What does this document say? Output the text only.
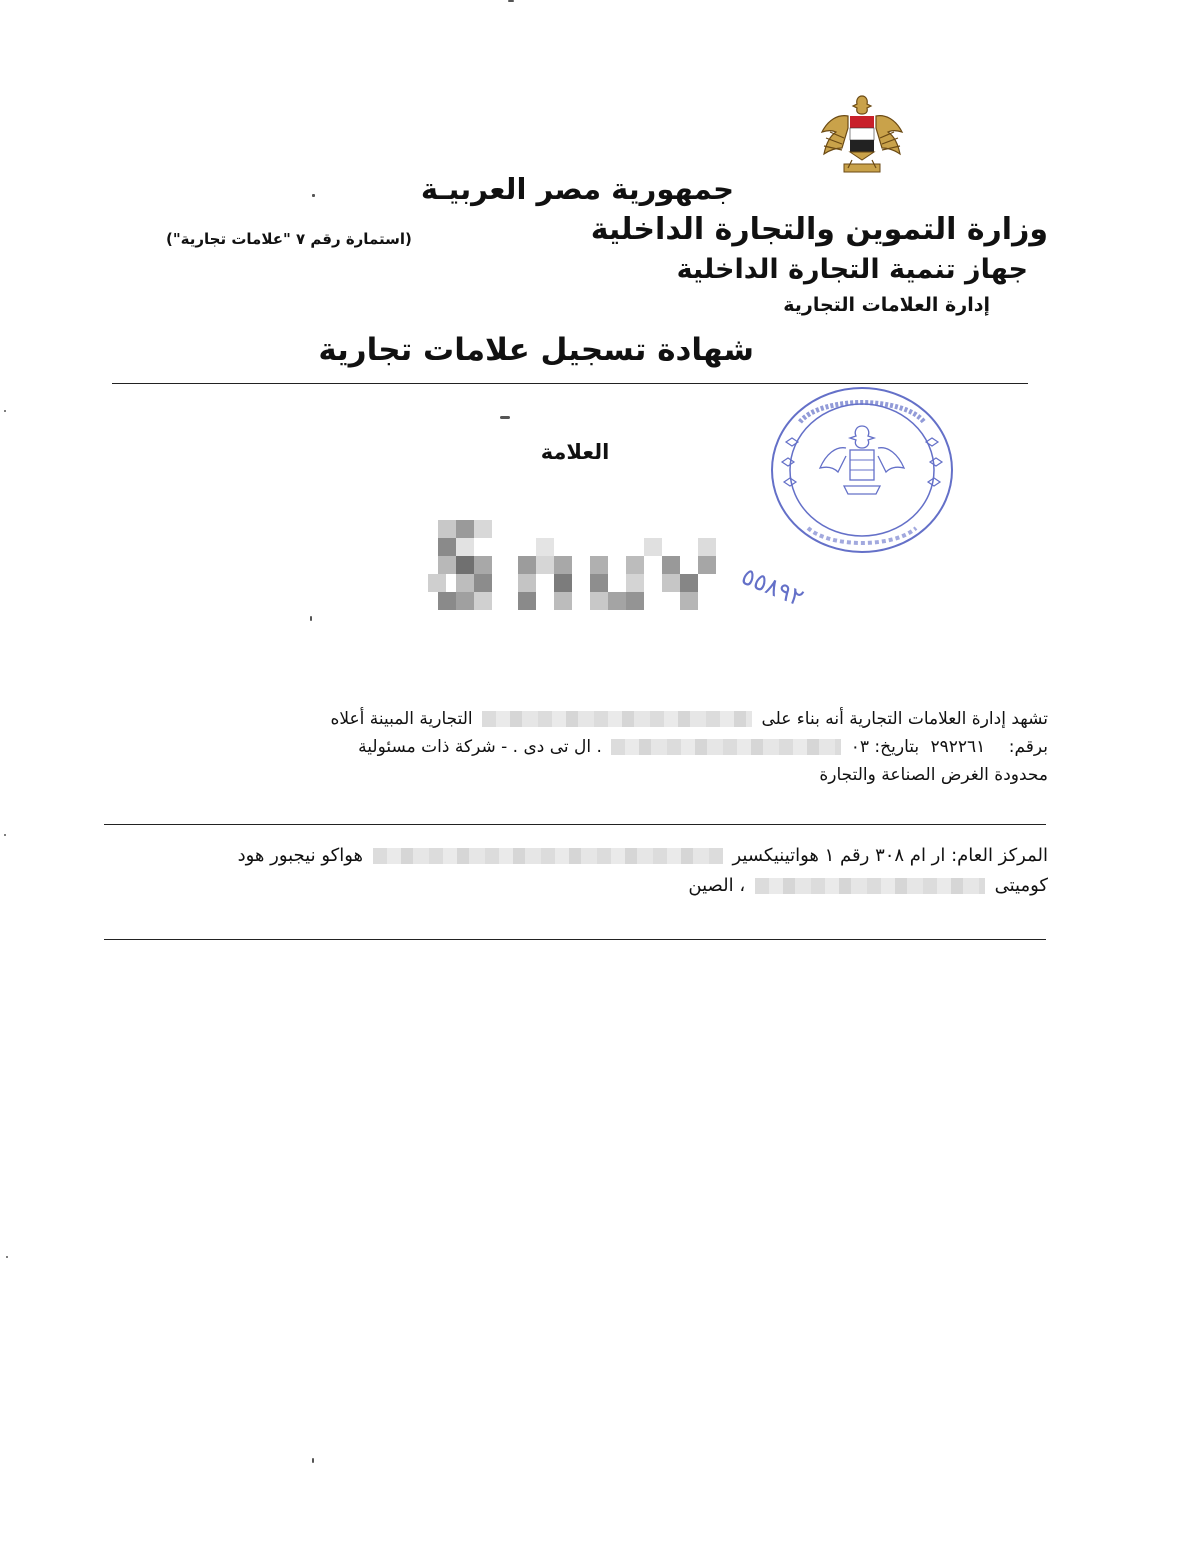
جمهورية مصر العربيـة
وزارة التموين والتجارة الداخلية
(استمارة رقم ٧ "علامات تجارية")
جهاز تنمية التجارة الداخلية
إدارة العلامات التجارية
شهادة تسجيل علامات تجارية
العلامة
٥٥٨٩٢
تشهد إدارة العلامات التجارية أنه بناء على  التجارية المبينة أعلاه
برقم: ٢٩٢٢٦١ بتاريخ: ٠٣  . ال تى دى . - شركة ذات مسئولية
محدودة الغرض الصناعة والتجارة
المركز العام: ار ام ٣٠٨ رقم ١ هواتينيكسير  هواكو نيجبور هود
كوميتى  ، الصين
